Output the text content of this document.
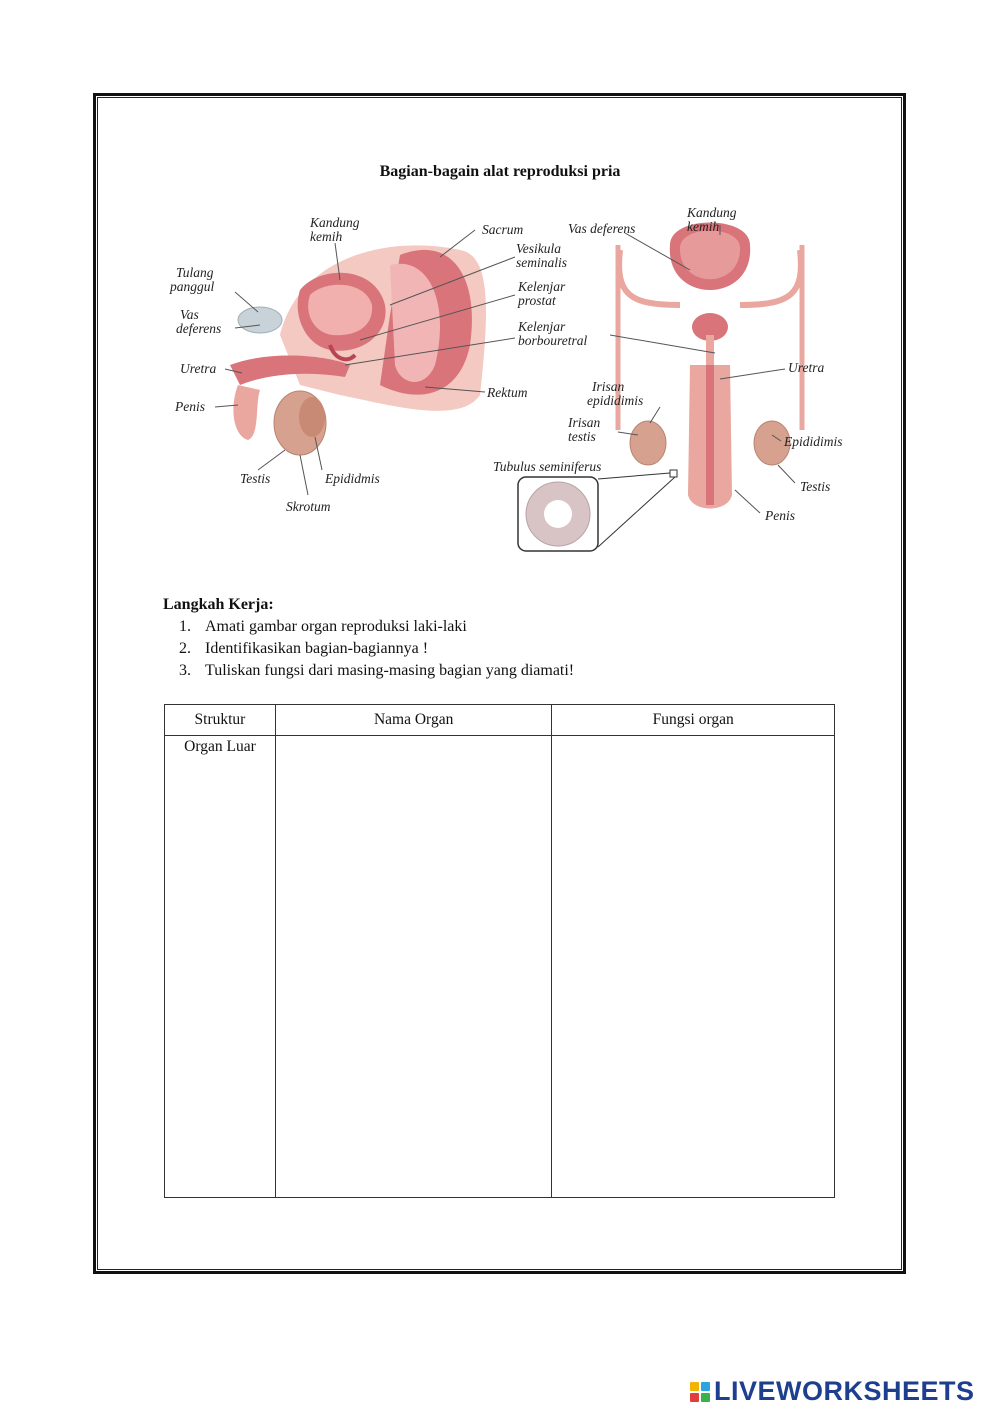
Bagian-bagain alat reproduksi pria
Kandung
kemih	Sacrum
Tulang
panggul
Vas
deferens
Vesikula
seminalis
Kelenjar
prostat
Kelenjar
borbouretral
Uretra
Penis
Rektum
Testis	Epididmis
Skrotum
Vas deferens
Kandung
kemih
Uretra
Irisan
epididimis
Irisan
testis	Epididimis
Tubulus seminiferus
Testis
Penis
Langkah Kerja:
1. Amati gambar organ reproduksi laki-laki
2. Identifikasikan bagian-bagiannya !
3. Tuliskan fungsi dari masing-masing bagian yang diamati!
Struktur	Nama Organ	Fungsi organ
Organ Luar		
LIVEWORKSHEETS
